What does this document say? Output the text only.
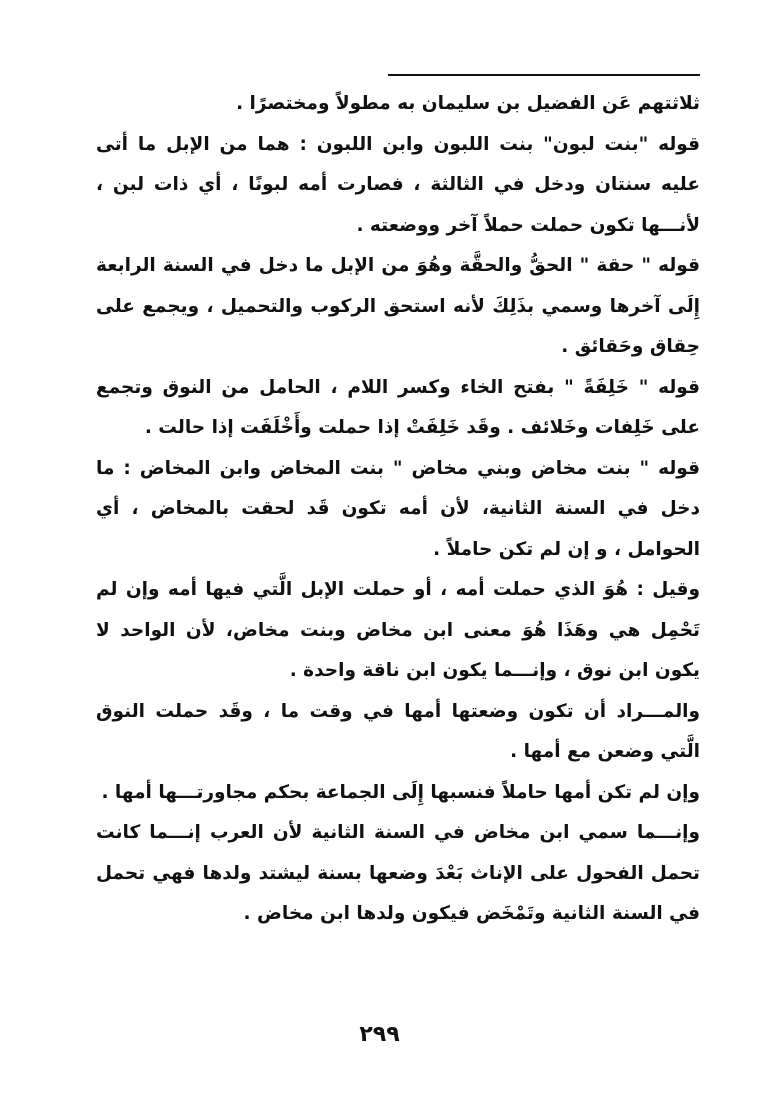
ثلاثتهم عَن الفضيل بن سليمان به مطولاً ومختصرًا .

قوله "بنت لبون" بنت اللبون وابن اللبون : هما من الإبل ما أتى عليه سنتان ودخل في الثالثة ، فصارت أمه لبونًا ، أي ذات لبن ، لأنـــها تكون حملت حملاً آخر ووضعته .

قوله " حقة " الحقُّ والحقَّة وهُوَ من الإبل ما دخل في السنة الرابعة إِلَى آخرها وسمي بذَلِكَ لأنه استحق الركوب والتحميل ، ويجمع على حِقاق وحَقائق .

قوله " خَلِفَةً " بفتح الخاء وكسر اللام ، الحامل من النوق وتجمع على خَلِفات وخَلائف . وقَد خَلِفَتْ إذا حملت وأَخْلَفَت إذا حالت .

قوله " بنت مخاض وبني مخاض " بنت المخاض وابن المخاض : ما دخل في السنة الثانية، لأن أمه تكون قَد لحقت بالمخاض ، أي الحوامل ، و إن لم تكن حاملاً .

وقيل : هُوَ الذي حملت أمه ، أو حملت الإبل الَّتي فيها أمه وإن لم تَحْمِل هي وهَذَا هُوَ معنى ابن مخاض وبنت مخاض، لأن الواحد لا يكون ابن نوق ، وإنـــما يكون ابن ناقة واحدة .

والمـــراد أن تكون وضعتها أمها في وقت ما ، وقَد حملت النوق الَّتي وضعن مع أمها .

وإن لم تكن أمها حاملاً فنسبها إِلَى الجماعة بحكم مجاورتـــها أمها .

وإنـــما سمي ابن مخاض في السنة الثانية لأن العرب إنـــما كانت تحمل الفحول على الإناث بَعْدَ وضعها بسنة ليشتد ولدها فهي تحمل في السنة الثانية وتَمْخَض فيكون ولدها ابن مخاض .

٢٩٩
